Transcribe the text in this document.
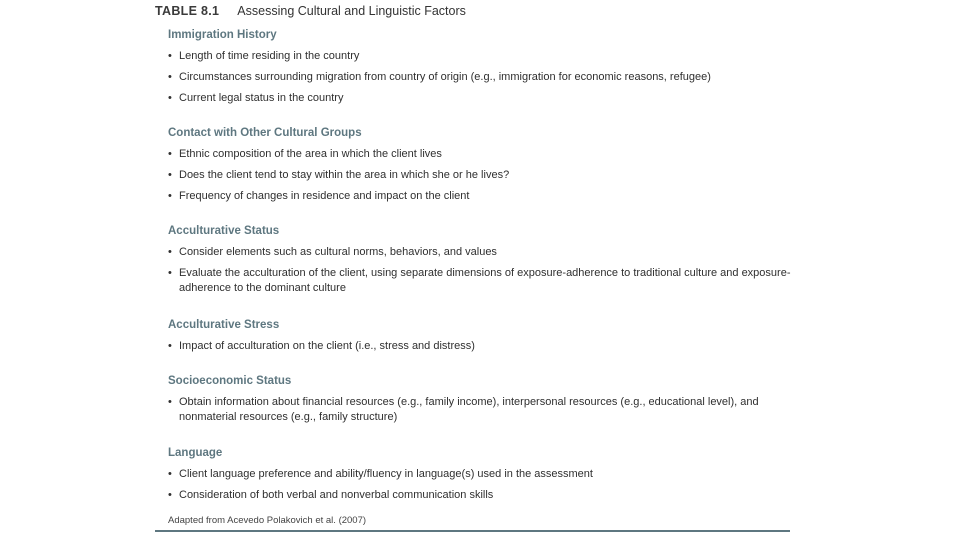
TABLE 8.1 Assessing Cultural and Linguistic Factors
Immigration History
• Length of time residing in the country
• Circumstances surrounding migration from country of origin (e.g., immigration for economic reasons, refugee)
• Current legal status in the country
Contact with Other Cultural Groups
• Ethnic composition of the area in which the client lives
• Does the client tend to stay within the area in which she or he lives?
• Frequency of changes in residence and impact on the client
Acculturative Status
• Consider elements such as cultural norms, behaviors, and values
• Evaluate the acculturation of the client, using separate dimensions of exposure-adherence to traditional culture and exposure-adherence to the dominant culture
Acculturative Stress
• Impact of acculturation on the client (i.e., stress and distress)
Socioeconomic Status
• Obtain information about financial resources (e.g., family income), interpersonal resources (e.g., educational level), and nonmaterial resources (e.g., family structure)
Language
• Client language preference and ability/fluency in language(s) used in the assessment
• Consideration of both verbal and nonverbal communication skills
Adapted from Acevedo Polakovich et al. (2007)
